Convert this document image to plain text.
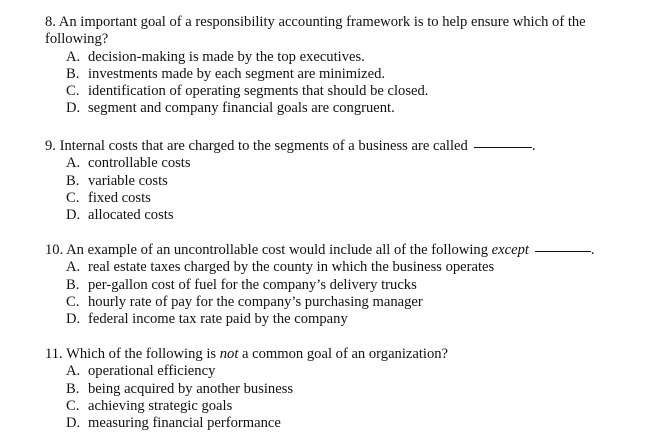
8. An important goal of a responsibility accounting framework is to help ensure which of the
following?

A. decision-making is made by the top executives.
B. investments made by each segment are minimized.
C. identification of operating segments that should be closed.
D. segment and company financial goals are congruent.

9. Internal costs that are charged to the segments of a business are called	.

A. controllable costs
B. variable costs
C. fixed costs
D. allocated costs

10. An example of an uncontrollable cost would include all of the following except	.

A. real estate taxes charged by the county in which the business operates
B. per-gallon cost of fuel for the company’s delivery trucks
C. hourly rate of pay for the company’s purchasing manager
D. federal income tax rate paid by the company

11. Which of the following is not a common goal of an organization?

A. operational efficiency
B. being acquired by another business
C. achieving strategic goals
D. measuring financial performance
